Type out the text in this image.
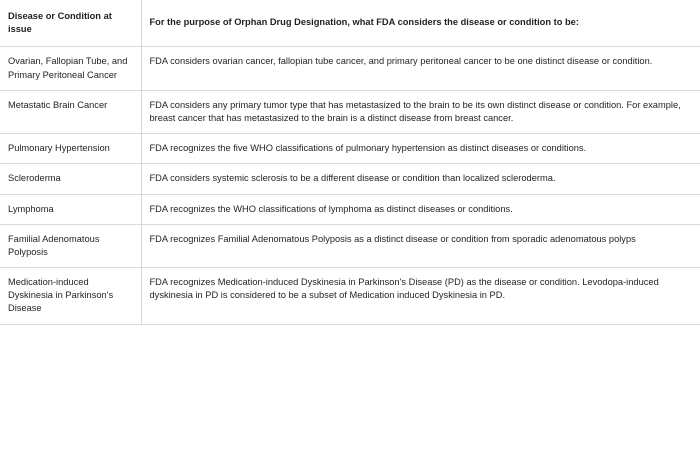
Disease or Condition at issue	For the purpose of Orphan Drug Designation, what FDA considers the disease or condition to be:
Ovarian, Fallopian Tube, and Primary Peritoneal Cancer	FDA considers ovarian cancer, fallopian tube cancer, and primary peritoneal cancer to be one distinct disease or condition.
Metastatic Brain Cancer	FDA considers any primary tumor type that has metastasized to the brain to be its own distinct disease or condition. For example, breast cancer that has metastasized to the brain is a distinct disease from breast cancer.
Pulmonary Hypertension	FDA recognizes the five WHO classifications of pulmonary hypertension as distinct diseases or conditions.
Scleroderma	FDA considers systemic sclerosis to be a different disease or condition than localized scleroderma.
Lymphoma	FDA recognizes the WHO classifications of lymphoma as distinct diseases or conditions.
Familial Adenomatous Polyposis	FDA recognizes Familial Adenomatous Polyposis as a distinct disease or condition from sporadic adenomatous polyps
Medication-induced Dyskinesia in Parkinson's Disease	FDA recognizes Medication-induced Dyskinesia in Parkinson's Disease (PD) as the disease or condition. Levodopa-induced dyskinesia in PD is considered to be a subset of Medication induced Dyskinesia in PD.
